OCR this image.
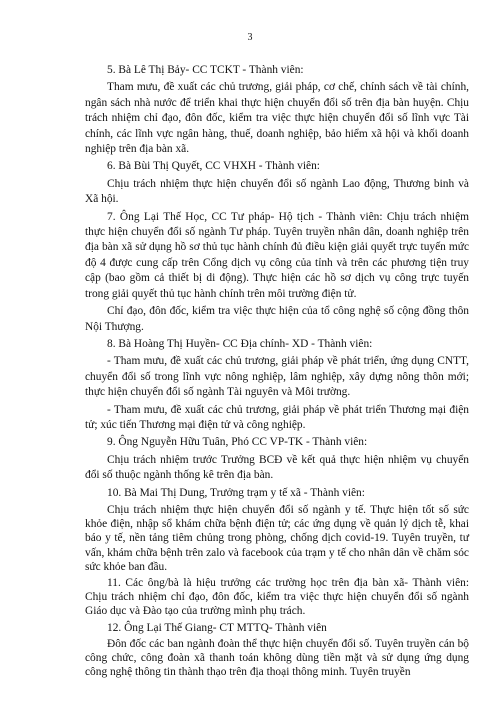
3

5. Bà Lê Thị Bảy- CC TCKT - Thành viên:

Tham mưu, đề xuất các chủ trương, giải pháp, cơ chế, chính sách về tài chính, ngân sách nhà nước để triển khai thực hiện chuyển đổi số trên địa bàn huyện. Chịu trách nhiệm chỉ đạo, đôn đốc, kiểm tra việc thực hiện chuyển đổi số lĩnh vực Tài chính, các lĩnh vực ngân hàng, thuế, doanh nghiệp, bảo hiểm xã hội và khối doanh nghiệp trên địa bàn xã.

6. Bà Bùi Thị Quyết, CC VHXH - Thành viên:

Chịu trách nhiệm thực hiện chuyển đổi số ngành Lao động, Thương binh và Xã hội.

7. Ông Lại Thế Học, CC Tư pháp- Hộ tịch - Thành viên: Chịu trách nhiệm thực hiện chuyển đổi số ngành Tư pháp. Tuyên truyền nhân dân, doanh nghiệp trên địa bàn xã sử dụng hồ sơ thủ tục hành chính đủ điều kiện giải quyết trực tuyến mức độ 4 được cung cấp trên Cổng dịch vụ công của tỉnh và trên các phương tiện truy cập (bao gồm cả thiết bị di động). Thực hiện các hồ sơ dịch vụ công trực tuyến trong giải quyết thủ tục hành chính trên môi trường điện tử.

Chỉ đạo, đôn đốc, kiểm tra việc thực hiện của tổ công nghệ số cộng đồng thôn Nội Thượng.

8. Bà Hoàng Thị Huyền- CC Địa chính- XD - Thành viên:

- Tham mưu, đề xuất các chủ trương, giải pháp về phát triển, ứng dụng CNTT, chuyển đổi số trong lĩnh vực nông nghiệp, lâm nghiệp, xây dựng nông thôn mới; thực hiện chuyển đổi số ngành Tài nguyên và Môi trường.

- Tham mưu, đề xuất các chủ trương, giải pháp về phát triển Thương mại điện tử; xúc tiến Thương mại điện tử và công nghiệp.

9. Ông Nguyễn Hữu Tuân, Phó CC VP-TK - Thành viên:

Chịu trách nhiệm trước Trưởng BCĐ về kết quả thực hiện nhiệm vụ chuyển đổi số thuộc ngành thống kê trên địa bàn.

10. Bà Mai Thị Dung, Trưởng trạm y tế xã - Thành viên:

Chịu trách nhiệm thực hiện chuyển đổi số ngành y tế. Thực hiện tốt số sức khỏe điện, nhập sổ khám chữa bệnh điện tử; các ứng dụng về quản lý dịch tễ, khai báo y tế, nền tảng tiêm chủng trong phòng, chống dịch covid-19. Tuyên truyền, tư vấn, khám chữa bệnh trên zalo và facebook của trạm y tế cho nhân dân về chăm sóc sức khỏe ban đầu.

11. Các ông/bà là hiệu trưởng các trường học trên địa bàn xã- Thành viên: Chịu trách nhiệm chỉ đạo, đôn đốc, kiểm tra việc thực hiện chuyển đổi số ngành Giáo dục và Đào tạo của trường mình phụ trách.

12. Ông Lại Thế Giang- CT MTTQ- Thành viên

Đôn đốc các ban ngành đoàn thể thực hiện chuyển đổi số. Tuyên truyền cán bộ công chức, công đoàn xã thanh toán không dùng tiền mặt và sử dụng ứng dụng công nghệ thông tin thành thạo trên địa thoại thông minh. Tuyên truyền
